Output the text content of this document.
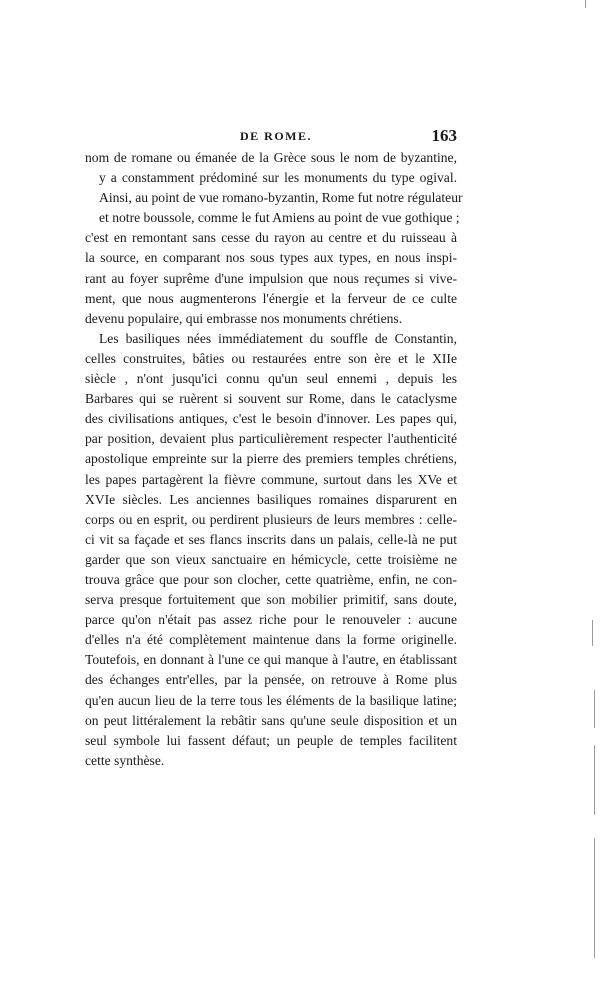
DE ROME.	163
nom de romane ou émanée de la Grèce sous le nom de byzantine,
y a constamment prédominé sur les monuments du type ogival.
Ainsi, au point de vue romano-byzantin, Rome fut notre régulateur
et notre boussole, comme le fut Amiens au point de vue gothique ;
c'est en remontant sans cesse du rayon au centre et du ruisseau à
la source, en comparant nos sous types aux types, en nous inspi-
rant au foyer suprême d'une impulsion que nous reçumes si vive-
ment, que nous augmenterons l'énergie et la ferveur de ce culte
devenu populaire, qui embrasse nos monuments chrétiens.
Les basiliques nées immédiatement du souffle de Constantin,
celles construites, bâties ou restaurées entre son ère et le XIIe
siècle , n'ont jusqu'ici connu qu'un seul ennemi , depuis les
Barbares qui se ruèrent si souvent sur Rome, dans le cataclysme
des civilisations antiques, c'est le besoin d'innover. Les papes qui,
par position, devaient plus particulièrement respecter l'authenticité
apostolique empreinte sur la pierre des premiers temples chrétiens,
les papes partagèrent la fièvre commune, surtout dans les XVe et
XVIe siècles. Les anciennes basiliques romaines disparurent en
corps ou en esprit, ou perdirent plusieurs de leurs membres : celle-
ci vit sa façade et ses flancs inscrits dans un palais, celle-là ne put
garder que son vieux sanctuaire en hémicycle, cette troisième ne
trouva grâce que pour son clocher, cette quatrième, enfin, ne con-
serva presque fortuitement que son mobilier primitif, sans doute,
parce qu'on n'était pas assez riche pour le renouveler : aucune
d'elles n'a été complètement maintenue dans la forme originelle.
Toutefois, en donnant à l'une ce qui manque à l'autre, en établissant
des échanges entr'elles, par la pensée, on retrouve à Rome plus
qu'en aucun lieu de la terre tous les éléments de la basilique latine;
on peut littéralement la rebâtir sans qu'une seule disposition et un
seul symbole lui fassent défaut; un peuple de temples facilitent
cette synthèse.
